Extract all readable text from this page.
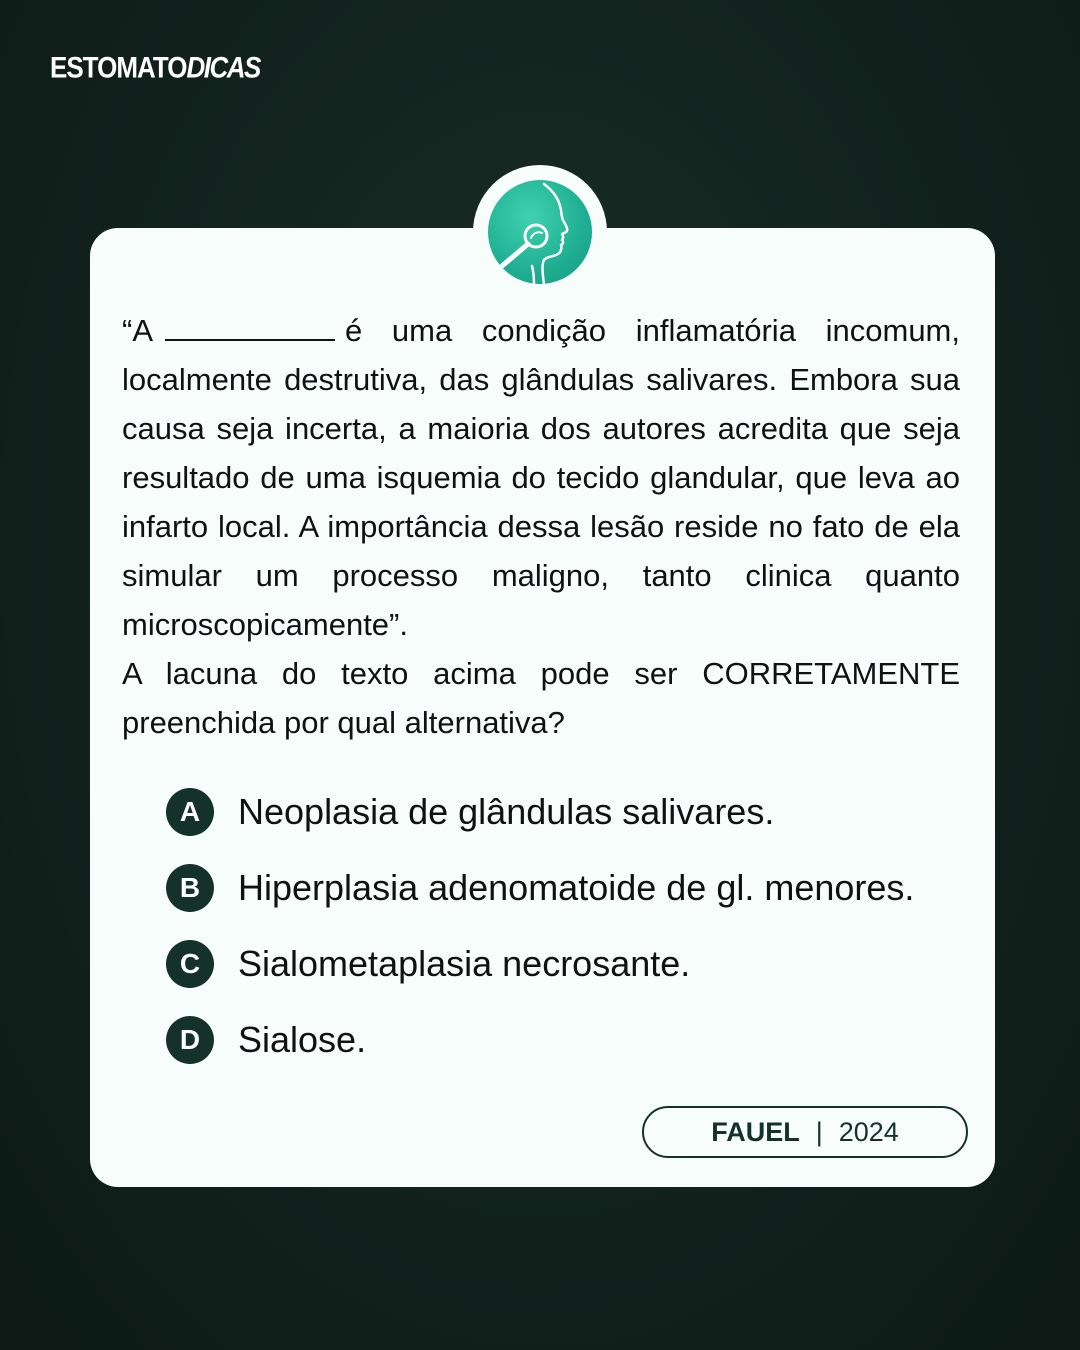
ESTOMATODICAS

“A	é uma condição inflamatória incomum, localmente destrutiva, das glândulas salivares. Embora sua causa seja incerta, a maioria dos autores acredita que seja resultado de uma isquemia do tecido glandular, que leva ao infarto local. A importância dessa lesão reside no fato de ela simular um processo maligno, tanto clinica quanto microscopicamente”.

A lacuna do texto acima pode ser CORRETAMENTE preenchida por qual alternativa?

A	Neoplasia de glândulas salivares.
B	Hiperplasia adenomatoide de gl. menores.
C	Sialometaplasia necrosante.
D	Sialose.
FAUEL | 2024
